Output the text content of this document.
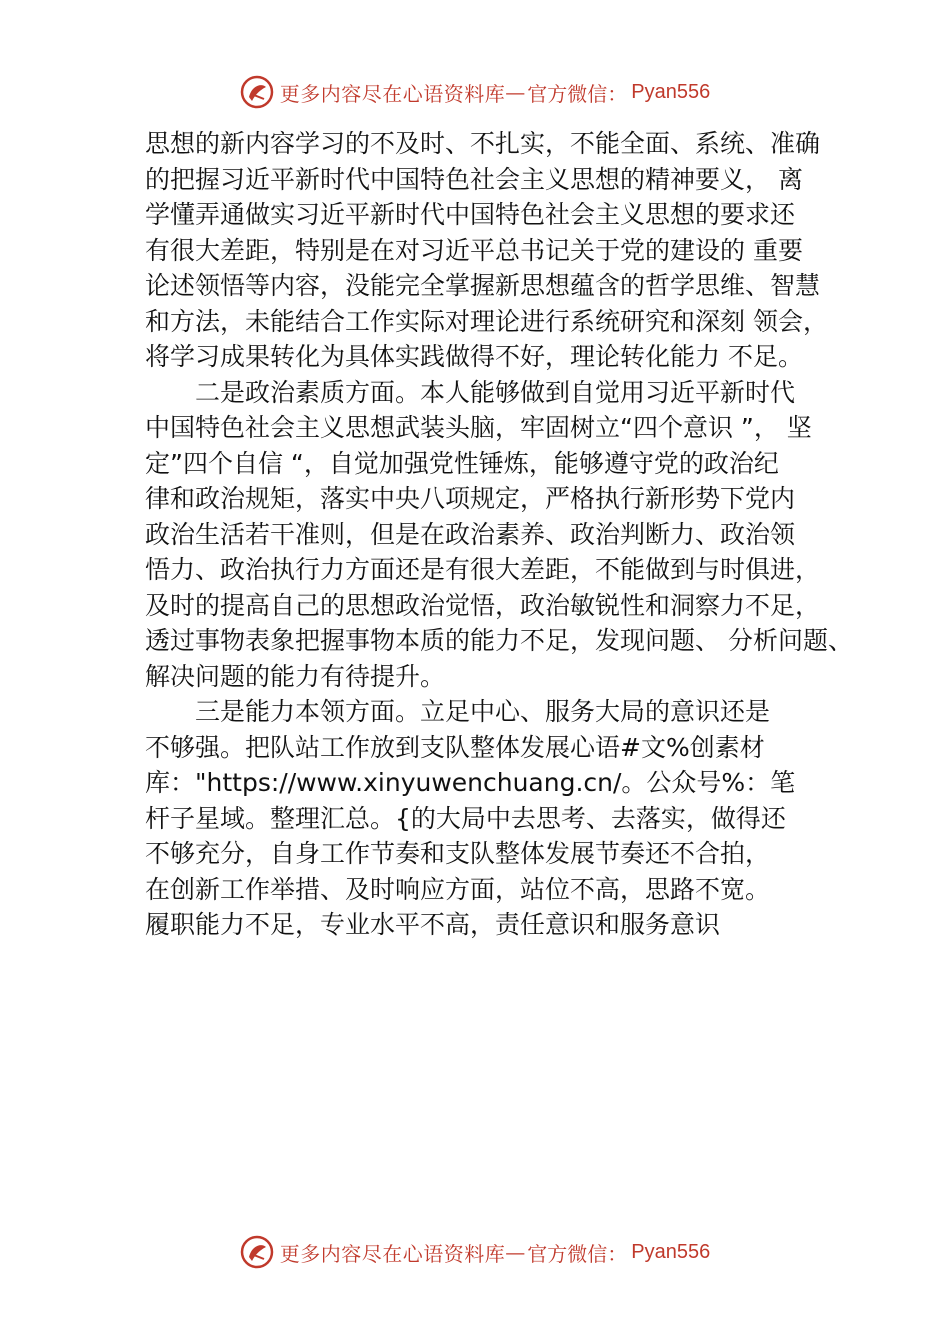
更多内容尽在心语资料库 — 官方微信： Pyan556
思想的新内容学习的不及时、不扎实，不能全面、系统、准确
的把握习近平新时代中国特色社会主义思想的精神要义， 离
学懂弄通做实习近平新时代中国特色社会主义思想的要求还
有很大差距，特别是在对习近平总书记关于党的建设的 重要
论述领悟等内容，没能完全掌握新思想蕴含的哲学思维、智慧
和方法，未能结合工作实际对理论进行系统研究和深刻 领会，
将学习成果转化为具体实践做得不好，理论转化能力 不足。
二是政治素质方面。本人能够做到自觉用习近平新时代
中国特色社会主义思想武装头脑，牢固树立“四个意识 ”， 坚
定”四个自信 “，自觉加强党性锤炼，能够遵守党的政治纪
律和政治规矩，落实中央八项规定，严格执行新形势下党内
政治生活若干准则，但是在政治素养、政治判断力、政治领
悟力、政治执行力方面还是有很大差距，不能做到与时俱进，
及时的提高自己的思想政治觉悟，政治敏锐性和洞察力不足，
透过事物表象把握事物本质的能力不足，发现问题、 分析问题、
解决问题的能力有待提升。
三是能力本领方面。立足中心、服务大局的意识还是
不够强。把队站工作放到支队整体发展心语#文%创素材
库："https://www.xinyuwenchuang.cn/。公众号%：笔
杆子星域。整理汇总。{的大局中去思考、去落实，做得还
不够充分，自身工作节奏和支队整体发展节奏还不合拍，
在创新工作举措、及时响应方面，站位不高，思路不宽。
履职能力不足，专业水平不高，责任意识和服务意识
更多内容尽在心语资料库 — 官方微信： Pyan556
